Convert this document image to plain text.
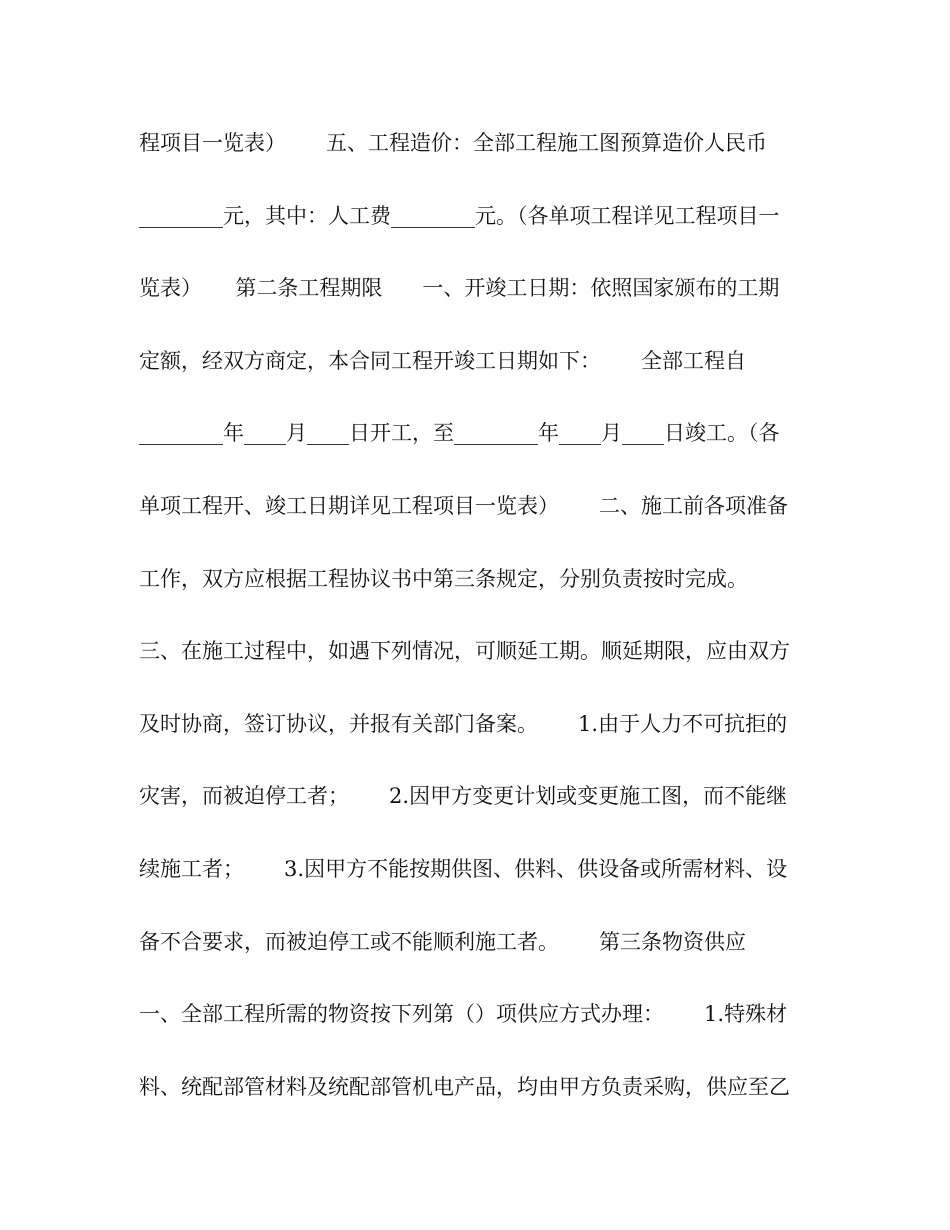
程项目一览表）      五、工程造价：全部工程施工图预算造价人民币
________元，其中：人工费________元。（各单项工程详见工程项目一
览表）     第二条工程期限      一、开竣工日期：依照国家颁布的工期
定额，经双方商定，本合同工程开竣工日期如下：      全部工程自
________年____月____日开工，至________年____月____日竣工。（各
单项工程开、竣工日期详见工程项目一览表）      二、施工前各项准备
工作，双方应根据工程协议书中第三条规定，分别负责按时完成。
三、在施工过程中，如遇下列情况，可顺延工期。顺延期限，应由双方
及时协商，签订协议，并报有关部门备案。      1.由于人力不可抗拒的
灾害，而被迫停工者；      2.因甲方变更计划或变更施工图，而不能继
续施工者；      3.因甲方不能按期供图、供料、供设备或所需材料、设
备不合要求，而被迫停工或不能顺利施工者。      第三条物资供应
一、全部工程所需的物资按下列第（）项供应方式办理：      1.特殊材
料、统配部管材料及统配部管机电产品，均由甲方负责采购，供应至乙
